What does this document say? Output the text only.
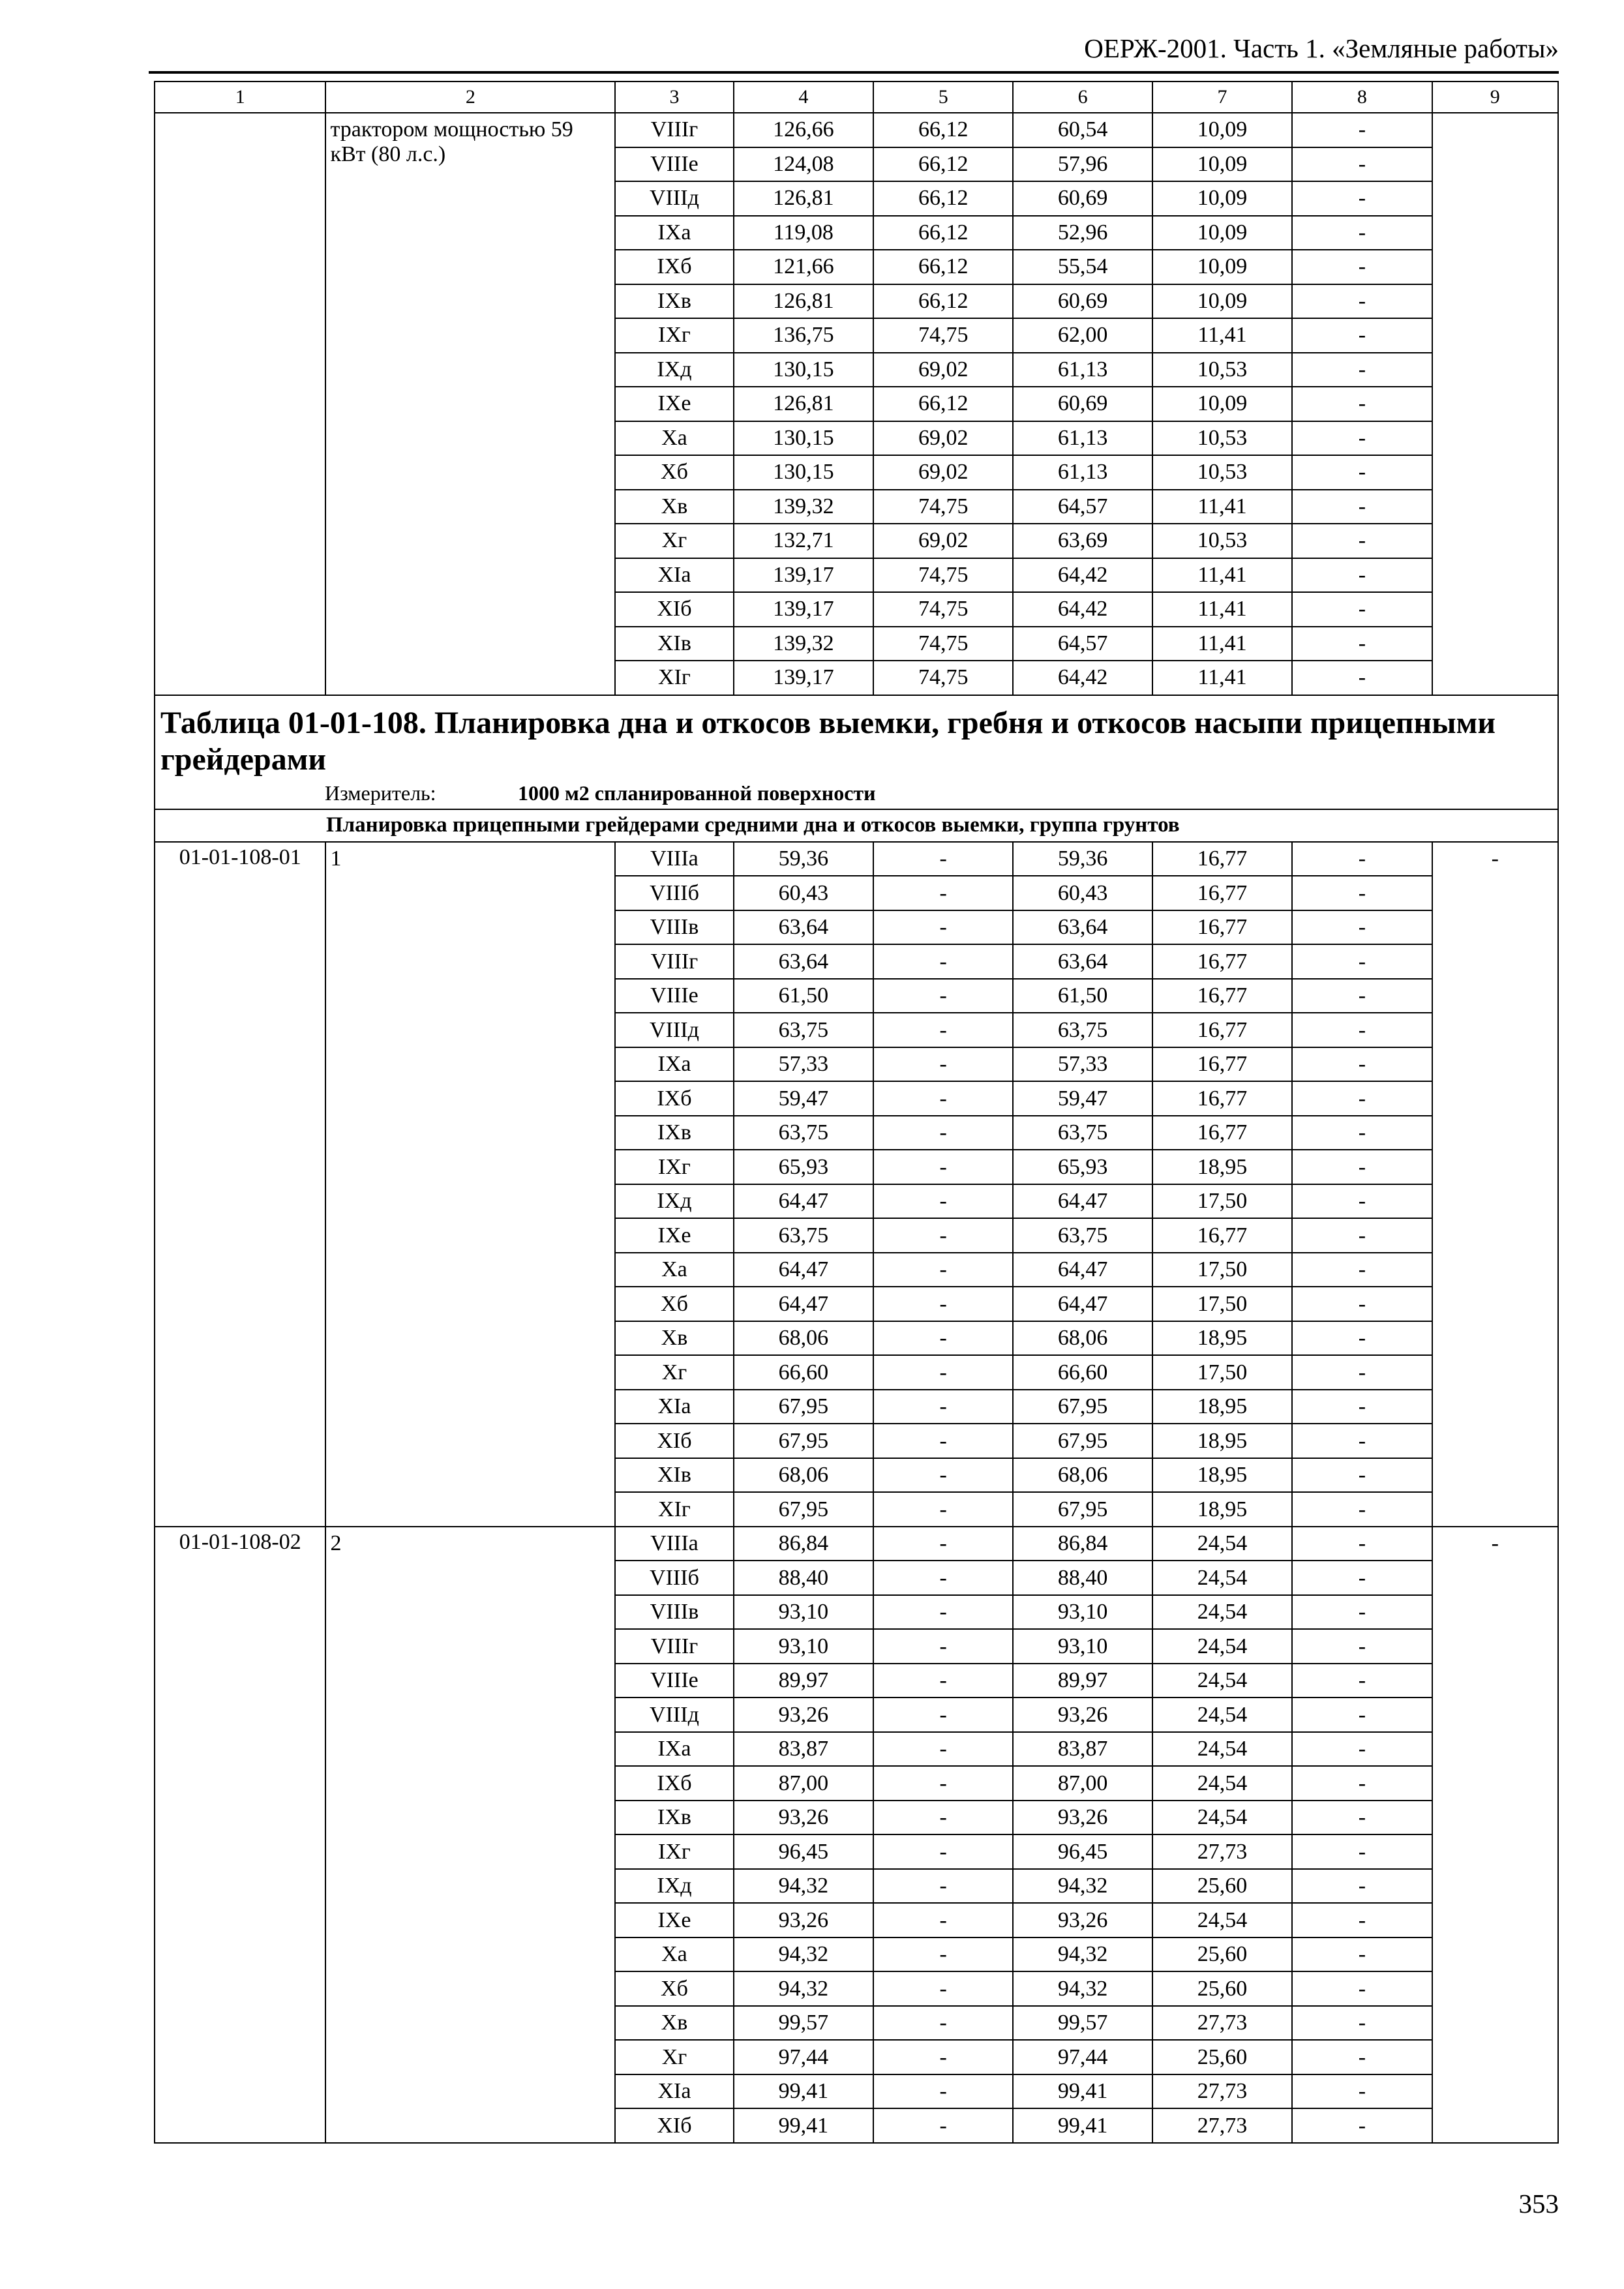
ОЕРЖ-2001. Часть 1. «Земляные работы»
1	2	3	4	5	6	7	8	9
	трактором мощностью 59 кВт (80 л.с.)	VIIIг	126,66	66,12	60,54	10,09	-	
		VIIIе	124,08	66,12	57,96	10,09	-	
		VIIIд	126,81	66,12	60,69	10,09	-	
		IXа	119,08	66,12	52,96	10,09	-	
		IXб	121,66	66,12	55,54	10,09	-	
		IXв	126,81	66,12	60,69	10,09	-	
		IXг	136,75	74,75	62,00	11,41	-	
		IXд	130,15	69,02	61,13	10,53	-	
		IXе	126,81	66,12	60,69	10,09	-	
		Xа	130,15	69,02	61,13	10,53	-	
		Xб	130,15	69,02	61,13	10,53	-	
		Xв	139,32	74,75	64,57	11,41	-	
		Xг	132,71	69,02	63,69	10,53	-	
		XIа	139,17	74,75	64,42	11,41	-	
		XIб	139,17	74,75	64,42	11,41	-	
		XIв	139,32	74,75	64,57	11,41	-	
		XIг	139,17	74,75	64,42	11,41	-	

Таблица 01-01-108. Планировка дна и откосов выемки, гребня и откосов насыпи прицепными грейдерами
Измеритель: 1000 м2 спланированной поверхности								

Планировка прицепными грейдерами средними дна и откосов выемки, группа грунтов								
01-01-108-01	1	VIIIа	59,36	-	59,36	16,77	-	-
		VIIIб	60,43	-	60,43	16,77	-	
		VIIIв	63,64	-	63,64	16,77	-	
		VIIIг	63,64	-	63,64	16,77	-	
		VIIIе	61,50	-	61,50	16,77	-	
		VIIIд	63,75	-	63,75	16,77	-	
		IXа	57,33	-	57,33	16,77	-	
		IXб	59,47	-	59,47	16,77	-	
		IXв	63,75	-	63,75	16,77	-	
		IXг	65,93	-	65,93	18,95	-	
		IXд	64,47	-	64,47	17,50	-	
		IXе	63,75	-	63,75	16,77	-	
		Xа	64,47	-	64,47	17,50	-	
		Xб	64,47	-	64,47	17,50	-	
		Xв	68,06	-	68,06	18,95	-	
		Xг	66,60	-	66,60	17,50	-	
		XIа	67,95	-	67,95	18,95	-	
		XIб	67,95	-	67,95	18,95	-	
		XIв	68,06	-	68,06	18,95	-	
		XIг	67,95	-	67,95	18,95	-	
01-01-108-02	2	VIIIа	86,84	-	86,84	24,54	-	-
		VIIIб	88,40	-	88,40	24,54	-	
		VIIIв	93,10	-	93,10	24,54	-	
		VIIIг	93,10	-	93,10	24,54	-	
		VIIIе	89,97	-	89,97	24,54	-	
		VIIIд	93,26	-	93,26	24,54	-	
		IXа	83,87	-	83,87	24,54	-	
		IXб	87,00	-	87,00	24,54	-	
		IXв	93,26	-	93,26	24,54	-	
		IXг	96,45	-	96,45	27,73	-	
		IXд	94,32	-	94,32	25,60	-	
		IXе	93,26	-	93,26	24,54	-	
		Xа	94,32	-	94,32	25,60	-	
		Xб	94,32	-	94,32	25,60	-	
		Xв	99,57	-	99,57	27,73	-	
		Xг	97,44	-	97,44	25,60	-	
		XIа	99,41	-	99,41	27,73	-	
		XIб	99,41	-	99,41	27,73	-	
353
